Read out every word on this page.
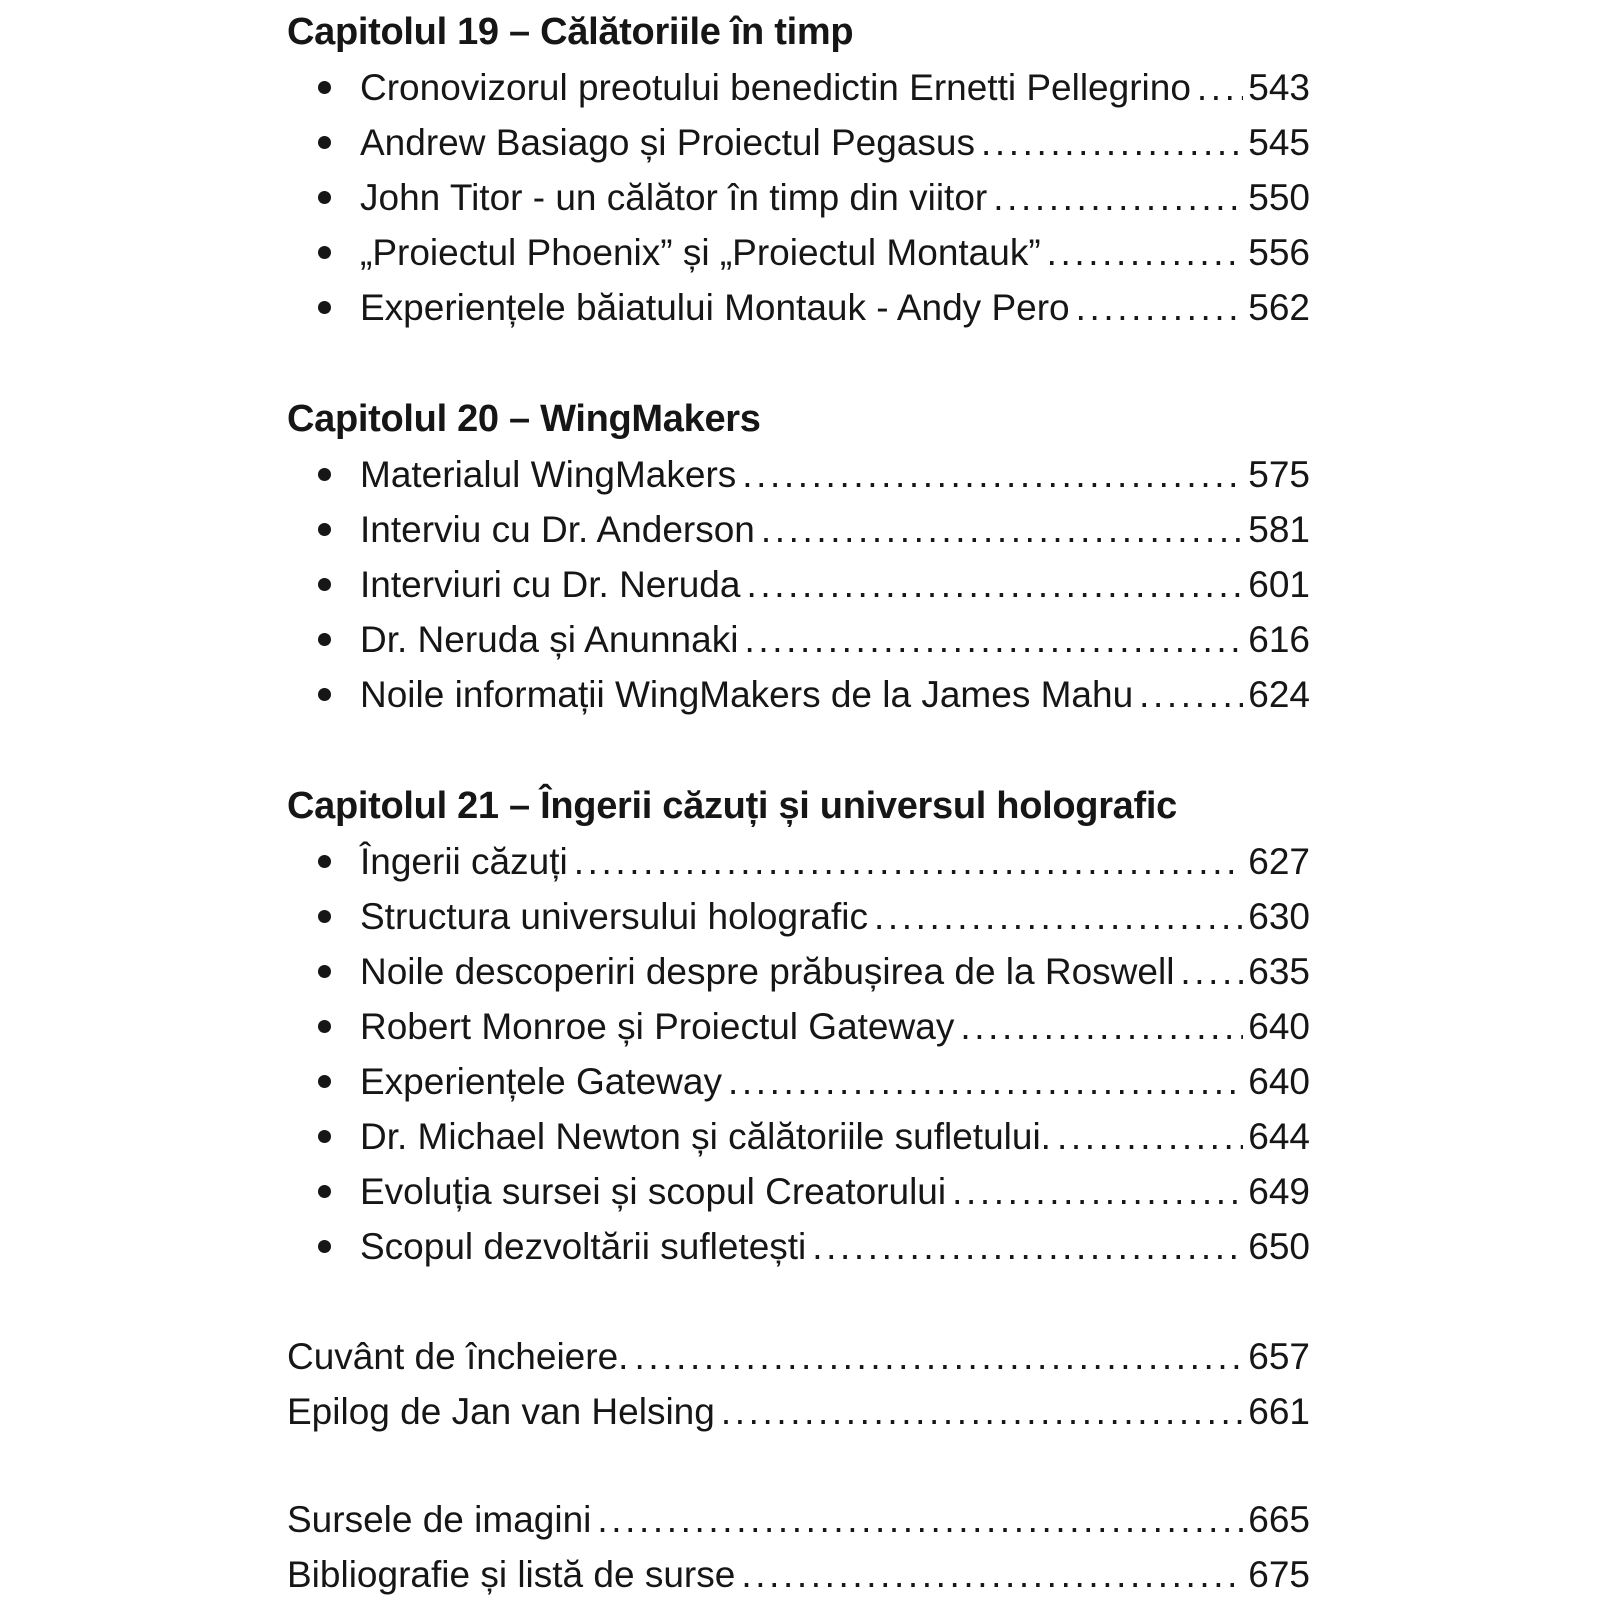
Capitolul 19 – Călătoriile în timp
Cronovizorul preotului benedictin Ernetti Pellegrino ..... 543
Andrew Basiago și Proiectul Pegasus .....	545
John Titor - un călător în timp din viitor .....	550
„Proiectul Phoenix” și „Proiectul Montauk” .....	556
Experiențele băiatului Montauk - Andy Pero .....	562
Capitolul 20 – WingMakers
Materialul WingMakers .....	575
Interviu cu Dr. Anderson .....	581
Interviuri cu Dr. Neruda .....	601
Dr. Neruda și Anunnaki .....	616
Noile informații WingMakers de la James Mahu .....	624
Capitolul 21 – Îngerii căzuți și universul holografic
Îngerii căzuți .....	627
Structura universului holografic .....	630
Noile descoperiri despre prăbușirea de la Roswell ..... 635
Robert Monroe și Proiectul Gateway .....	640
Experiențele Gateway .....	640
Dr. Michael Newton și călătoriile sufletului. .....	644
Evoluția sursei și scopul Creatorului .....	649
Scopul dezvoltării sufletești .....	650
Cuvânt de încheiere. .....	657
Epilog de Jan van Helsing .....	661
Sursele de imagini .....	665
Bibliografie și listă de surse .....	675
